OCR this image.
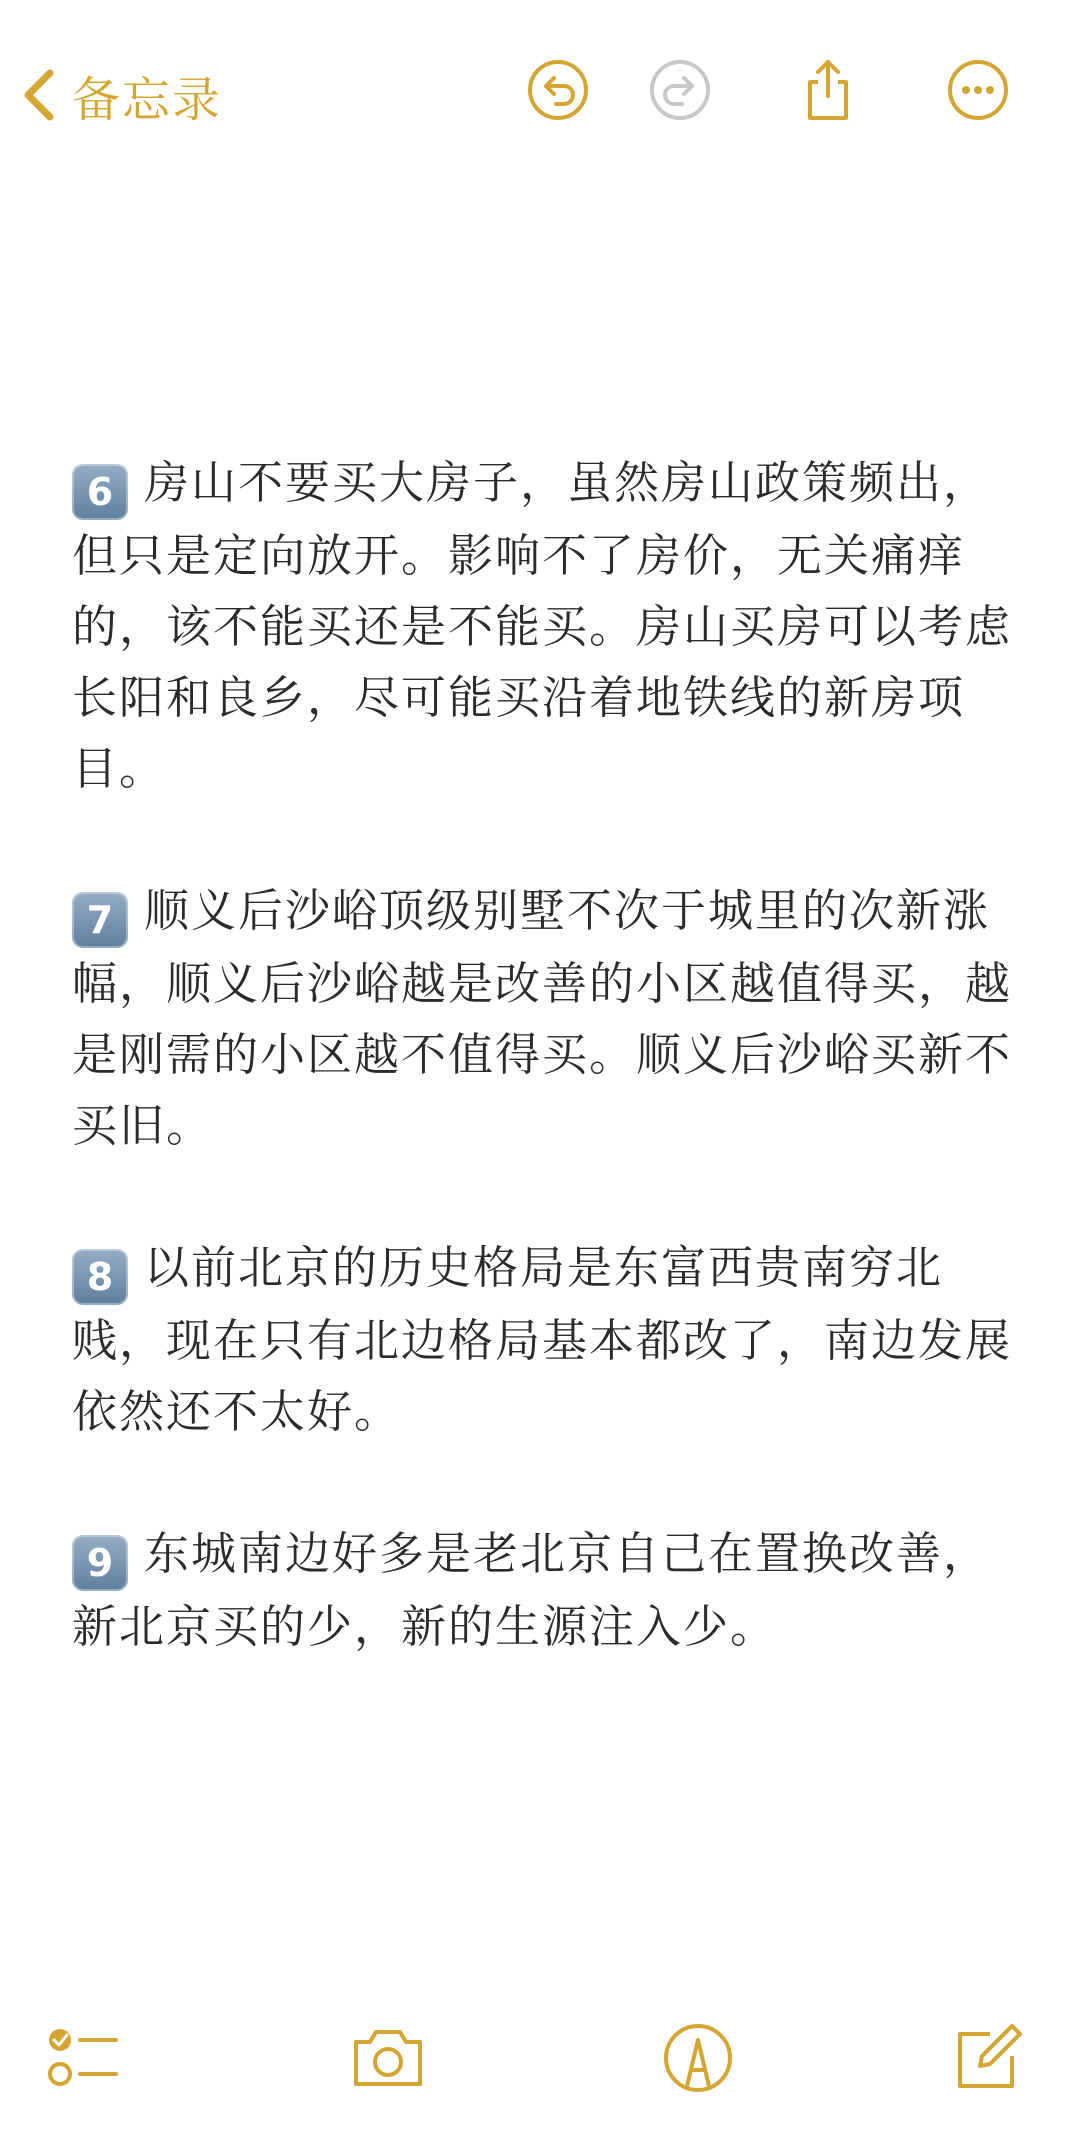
备忘录

6 房山不要买大房子，虽然房山政策频出，但只是定向放开。影响不了房价，无关痛痒的，该不能买还是不能买。房山买房可以考虑长阳和良乡，尽可能买沿着地铁线的新房项目。

7 顺义后沙峪顶级别墅不次于城里的次新涨幅，顺义后沙峪越是改善的小区越值得买，越是刚需的小区越不值得买。顺义后沙峪买新不买旧。

8 以前北京的历史格局是东富西贵南穷北贱，现在只有北边格局基本都改了，南边发展依然还不太好。

9 东城南边好多是老北京自己在置换改善，新北京买的少，新的生源注入少。
